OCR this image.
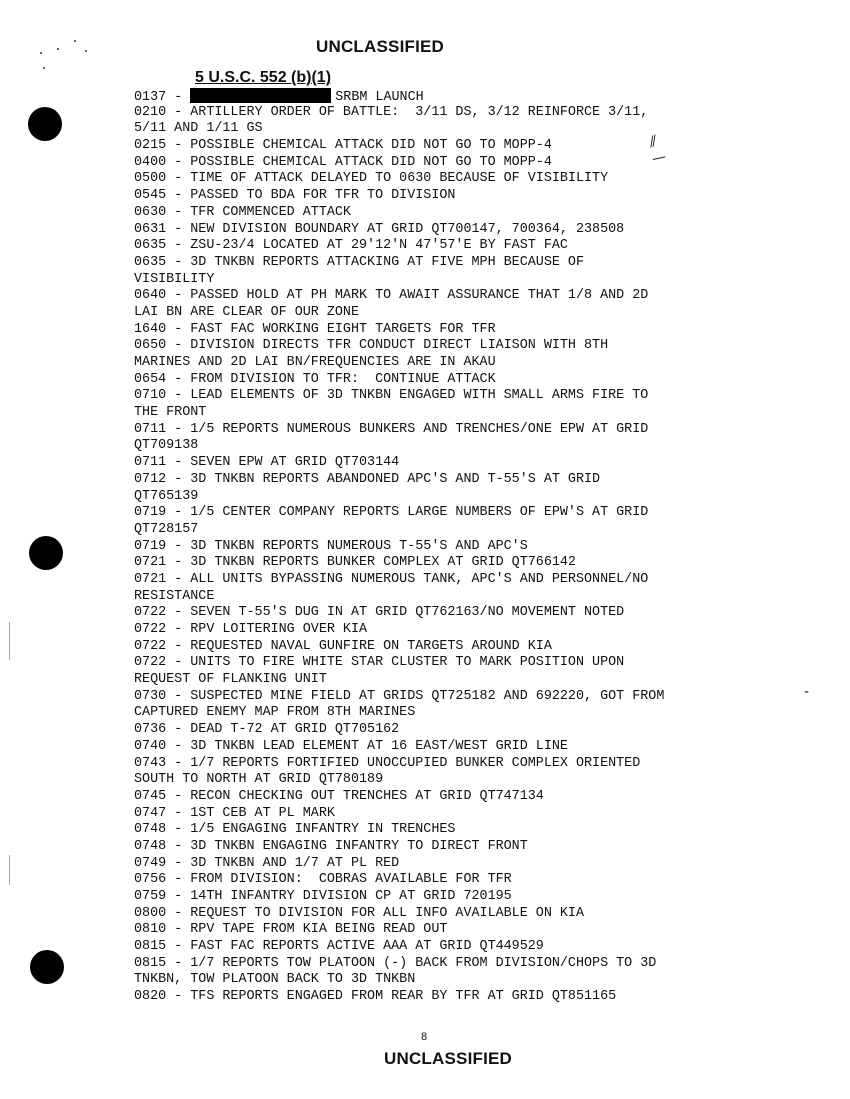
⁄⁄
—
-
UNCLASSIFIED
5 U.S.C. 552 (b)(1)
0137 -	SRBM LAUNCH
0210 - ARTILLERY ORDER OF BATTLE:  3/11 DS, 3/12 REINFORCE 3/11,
5/11 AND 1/11 GS
0215 - POSSIBLE CHEMICAL ATTACK DID NOT GO TO MOPP-4
0400 - POSSIBLE CHEMICAL ATTACK DID NOT GO TO MOPP-4
0500 - TIME OF ATTACK DELAYED TO 0630 BECAUSE OF VISIBILITY
0545 - PASSED TO BDA FOR TFR TO DIVISION
0630 - TFR COMMENCED ATTACK
0631 - NEW DIVISION BOUNDARY AT GRID QT700147, 700364, 238508
0635 - ZSU-23/4 LOCATED AT 29'12'N 47'57'E BY FAST FAC
0635 - 3D TNKBN REPORTS ATTACKING AT FIVE MPH BECAUSE OF
VISIBILITY
0640 - PASSED HOLD AT PH MARK TO AWAIT ASSURANCE THAT 1/8 AND 2D
LAI BN ARE CLEAR OF OUR ZONE
1640 - FAST FAC WORKING EIGHT TARGETS FOR TFR
0650 - DIVISION DIRECTS TFR CONDUCT DIRECT LIAISON WITH 8TH
MARINES AND 2D LAI BN/FREQUENCIES ARE IN AKAU
0654 - FROM DIVISION TO TFR:  CONTINUE ATTACK
0710 - LEAD ELEMENTS OF 3D TNKBN ENGAGED WITH SMALL ARMS FIRE TO
THE FRONT
0711 - 1/5 REPORTS NUMEROUS BUNKERS AND TRENCHES/ONE EPW AT GRID
QT709138
0711 - SEVEN EPW AT GRID QT703144
0712 - 3D TNKBN REPORTS ABANDONED APC'S AND T-55'S AT GRID
QT765139
0719 - 1/5 CENTER COMPANY REPORTS LARGE NUMBERS OF EPW'S AT GRID
QT728157
0719 - 3D TNKBN REPORTS NUMEROUS T-55'S AND APC'S
0721 - 3D TNKBN REPORTS BUNKER COMPLEX AT GRID QT766142
0721 - ALL UNITS BYPASSING NUMEROUS TANK, APC'S AND PERSONNEL/NO
RESISTANCE
0722 - SEVEN T-55'S DUG IN AT GRID QT762163/NO MOVEMENT NOTED
0722 - RPV LOITERING OVER KIA
0722 - REQUESTED NAVAL GUNFIRE ON TARGETS AROUND KIA
0722 - UNITS TO FIRE WHITE STAR CLUSTER TO MARK POSITION UPON
REQUEST OF FLANKING UNIT
0730 - SUSPECTED MINE FIELD AT GRIDS QT725182 AND 692220, GOT FROM
CAPTURED ENEMY MAP FROM 8TH MARINES
0736 - DEAD T-72 AT GRID QT705162
0740 - 3D TNKBN LEAD ELEMENT AT 16 EAST/WEST GRID LINE
0743 - 1/7 REPORTS FORTIFIED UNOCCUPIED BUNKER COMPLEX ORIENTED
SOUTH TO NORTH AT GRID QT780189
0745 - RECON CHECKING OUT TRENCHES AT GRID QT747134
0747 - 1ST CEB AT PL MARK
0748 - 1/5 ENGAGING INFANTRY IN TRENCHES
0748 - 3D TNKBN ENGAGING INFANTRY TO DIRECT FRONT
0749 - 3D TNKBN AND 1/7 AT PL RED
0756 - FROM DIVISION:  COBRAS AVAILABLE FOR TFR
0759 - 14TH INFANTRY DIVISION CP AT GRID 720195
0800 - REQUEST TO DIVISION FOR ALL INFO AVAILABLE ON KIA
0810 - RPV TAPE FROM KIA BEING READ OUT
0815 - FAST FAC REPORTS ACTIVE AAA AT GRID QT449529
0815 - 1/7 REPORTS TOW PLATOON (-) BACK FROM DIVISION/CHOPS TO 3D
TNKBN, TOW PLATOON BACK TO 3D TNKBN
0820 - TFS REPORTS ENGAGED FROM REAR BY TFR AT GRID QT851165
8
UNCLASSIFIED
